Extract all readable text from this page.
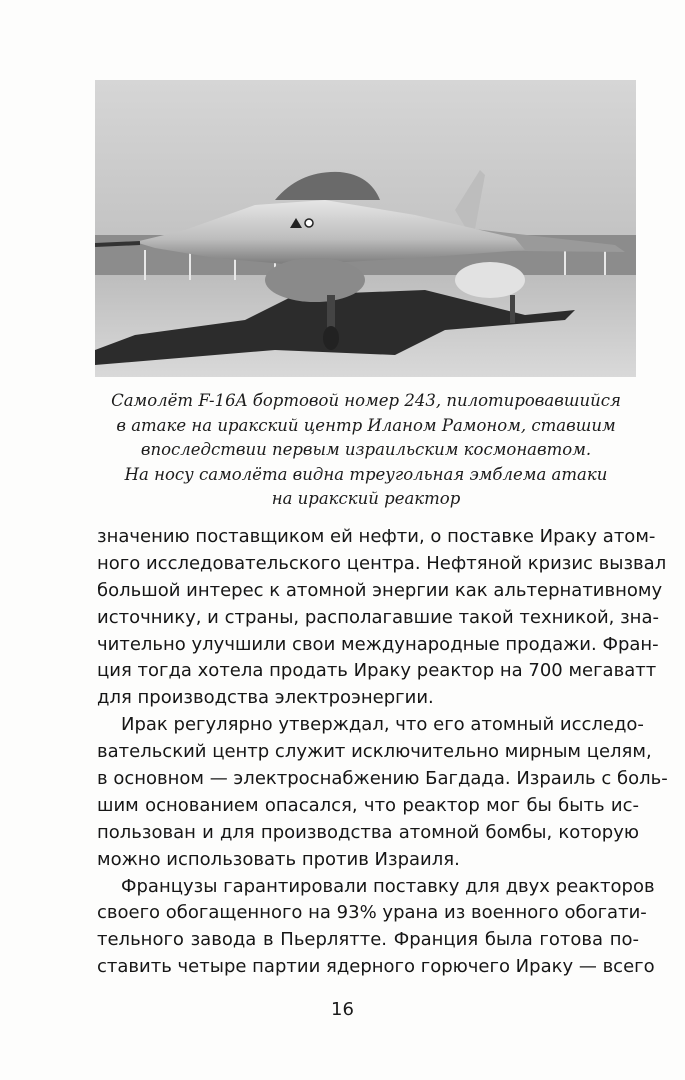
Самолёт F-16A бортовой номер 243, пилотировавшийся
в атаке на иракский центр Иланом Рамоном, ставшим
впоследствии первым израильским космонавтом.
На носу самолёта видна треугольная эмблема атаки
на иракский реактор
значению поставщиком ей нефти, о поставке Ираку атом-
ного исследовательского центра. Нефтяной кризис вызвал
большой интерес к атомной энергии как альтернативному
источнику, и страны, располагавшие такой техникой, зна-
чительно улучшили свои международные продажи. Фран-
ция тогда хотела продать Ираку реактор на 700 мегаватт
для производства электроэнергии.
Ирак регулярно утверждал, что его атомный исследо-
вательский центр служит исключительно мирным целям,
в основном — электроснабжению Багдада. Израиль с боль-
шим основанием опасался, что реактор мог бы быть ис-
пользован и для производства атомной бомбы, которую
можно использовать против Израиля.
Французы гарантировали поставку для двух реакторов
своего обогащенного на 93% урана из военного обогати-
тельного завода в Пьерлятте. Франция была готова по-
ставить четыре партии ядерного горючего Ираку — всего
16
